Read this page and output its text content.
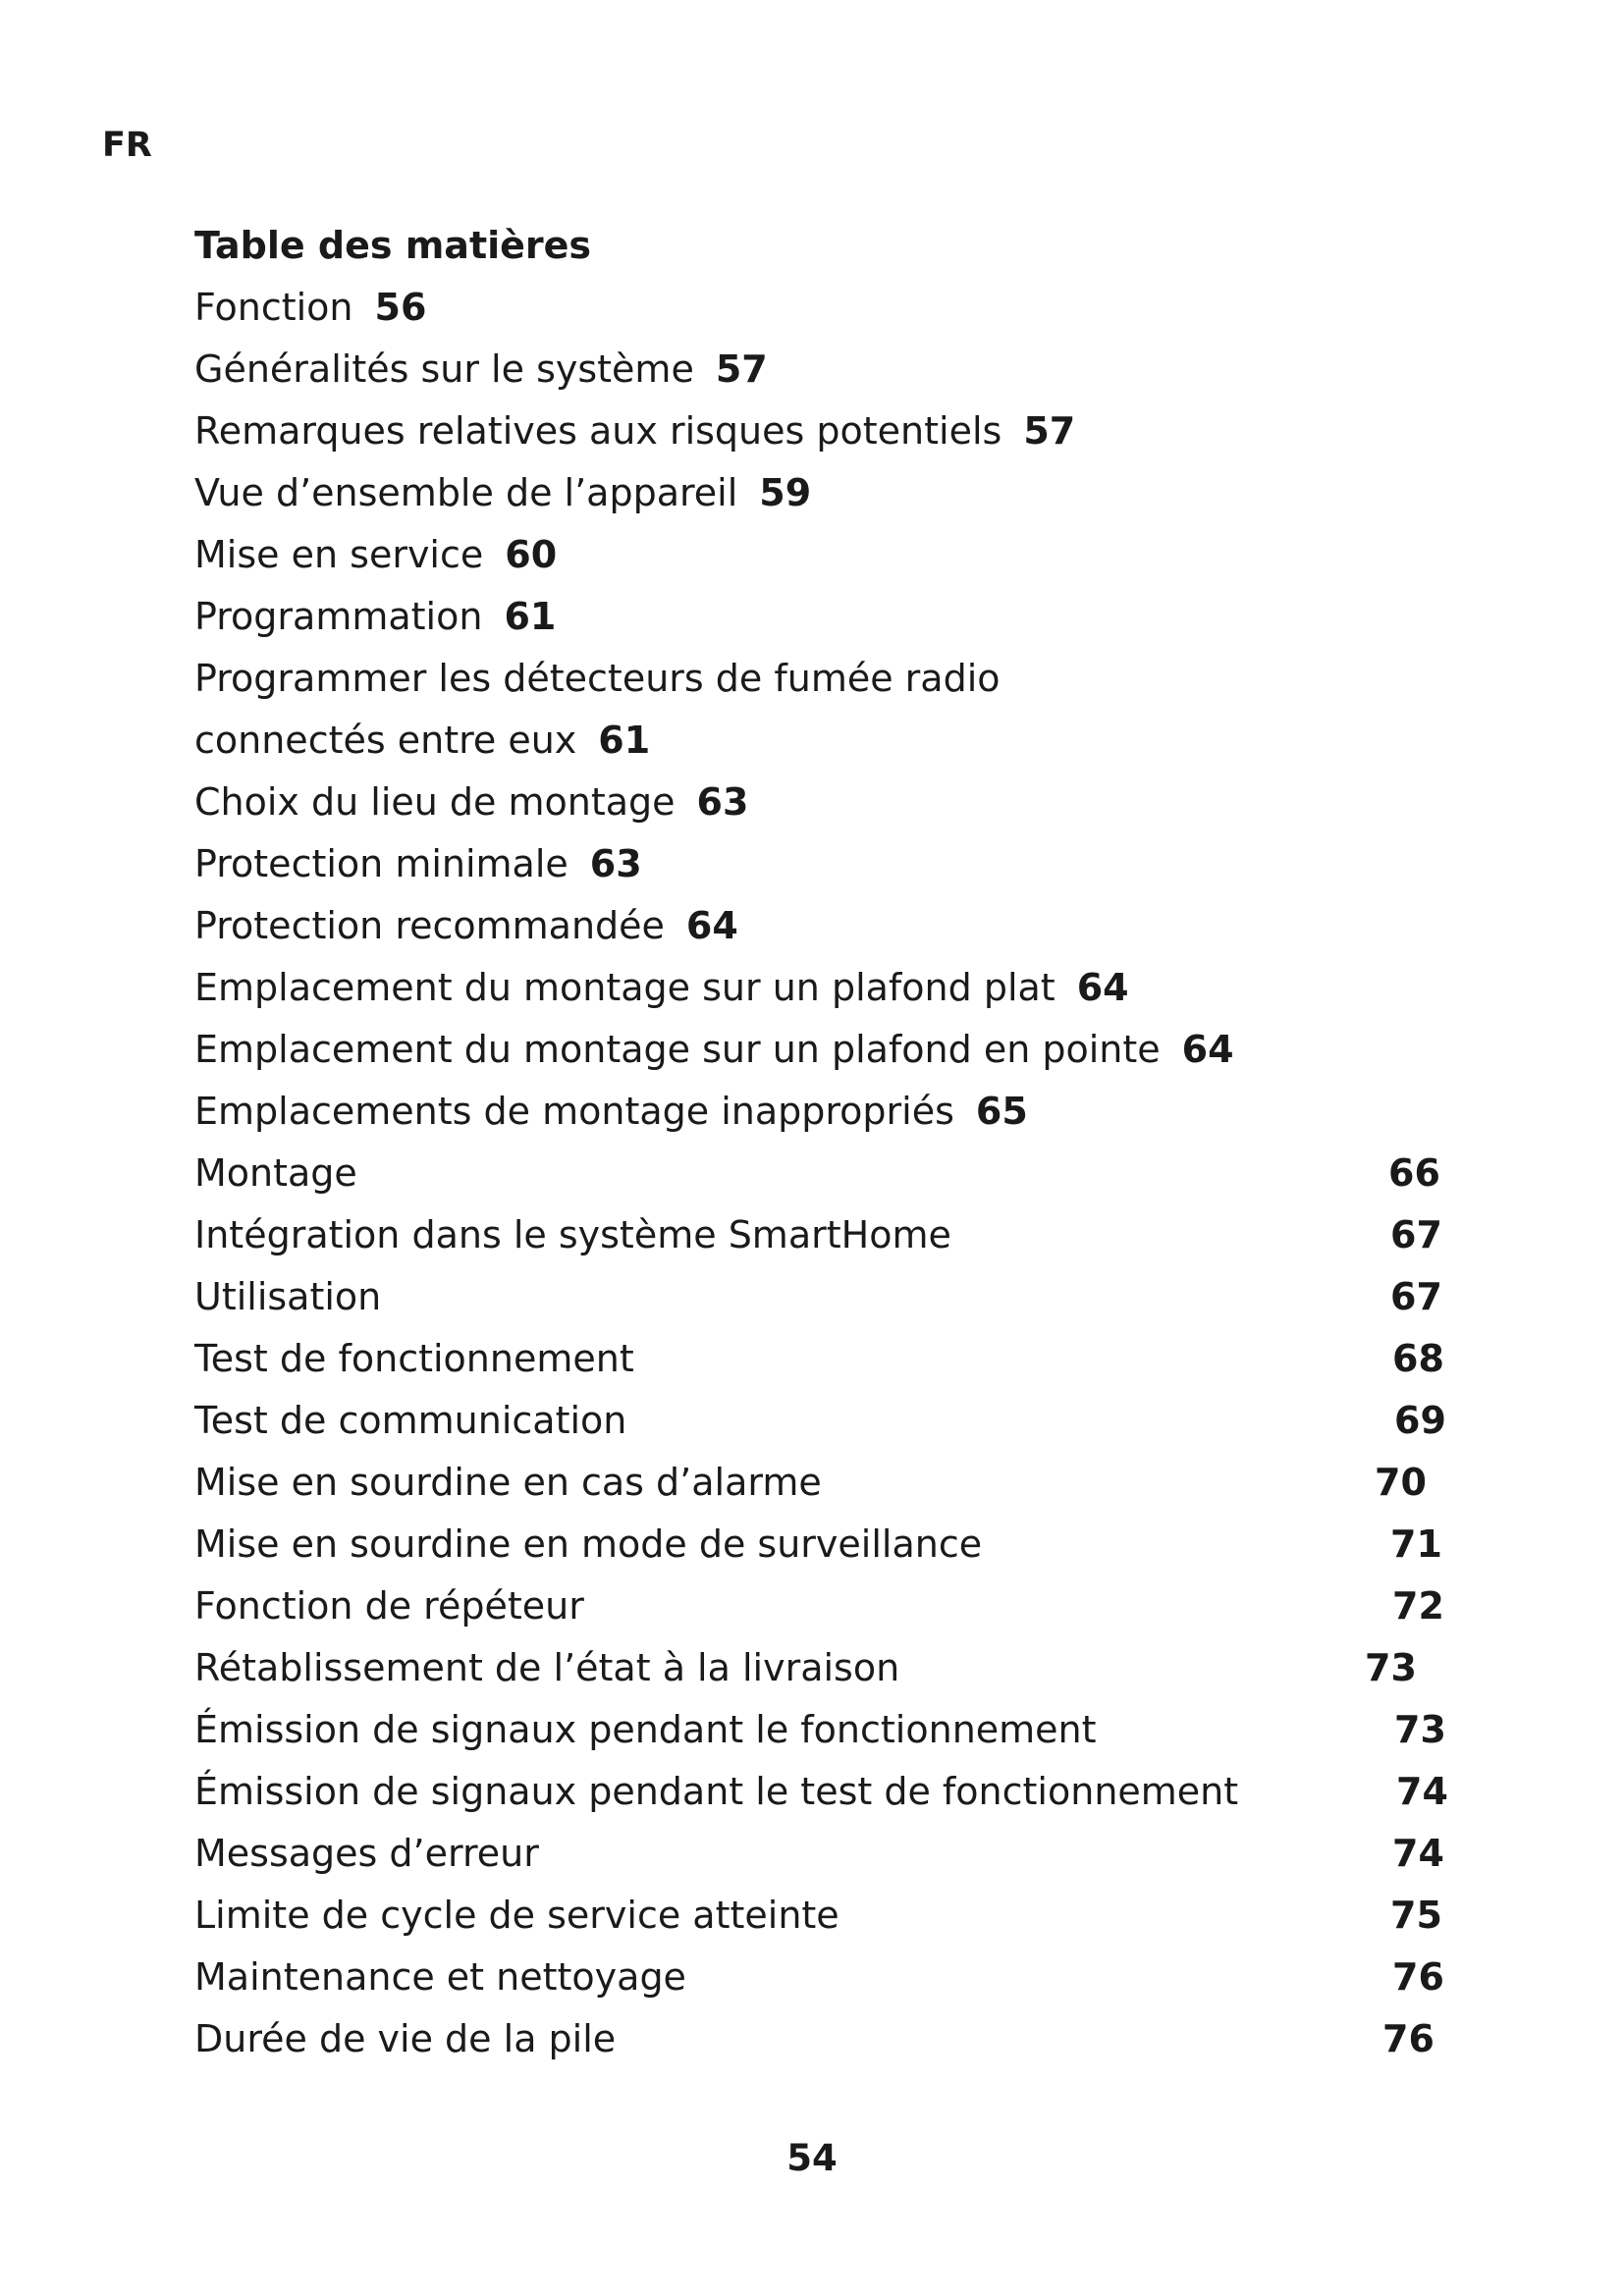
FR
Table des matières
Fonction 56
Généralités sur le système 57
Remarques relatives aux risques potentiels 57
Vue d’ensemble de l’appareil 59
Mise en service 60
Programmation 61
Programmer les détecteurs de fumée radio
connectés entre eux 61
Choix du lieu de montage 63
Protection minimale 63
Protection recommandée 64
Emplacement du montage sur un plafond plat 64
Emplacement du montage sur un plafond en pointe 64
Emplacements de montage inappropriés 65
Montage	66
Intégration dans le système SmartHome	67
Utilisation	67
Test de fonctionnement	68
Test de communication	69
Mise en sourdine en cas d’alarme	70
Mise en sourdine en mode de surveillance	71
Fonction de répéteur	72
Rétablissement de l’état à la livraison	73
Émission de signaux pendant le fonctionnement	73
Émission de signaux pendant le test de fonctionnement	74
Messages d’erreur	74
Limite de cycle de service atteinte	75
Maintenance et nettoyage	76
Durée de vie de la pile	76
54
